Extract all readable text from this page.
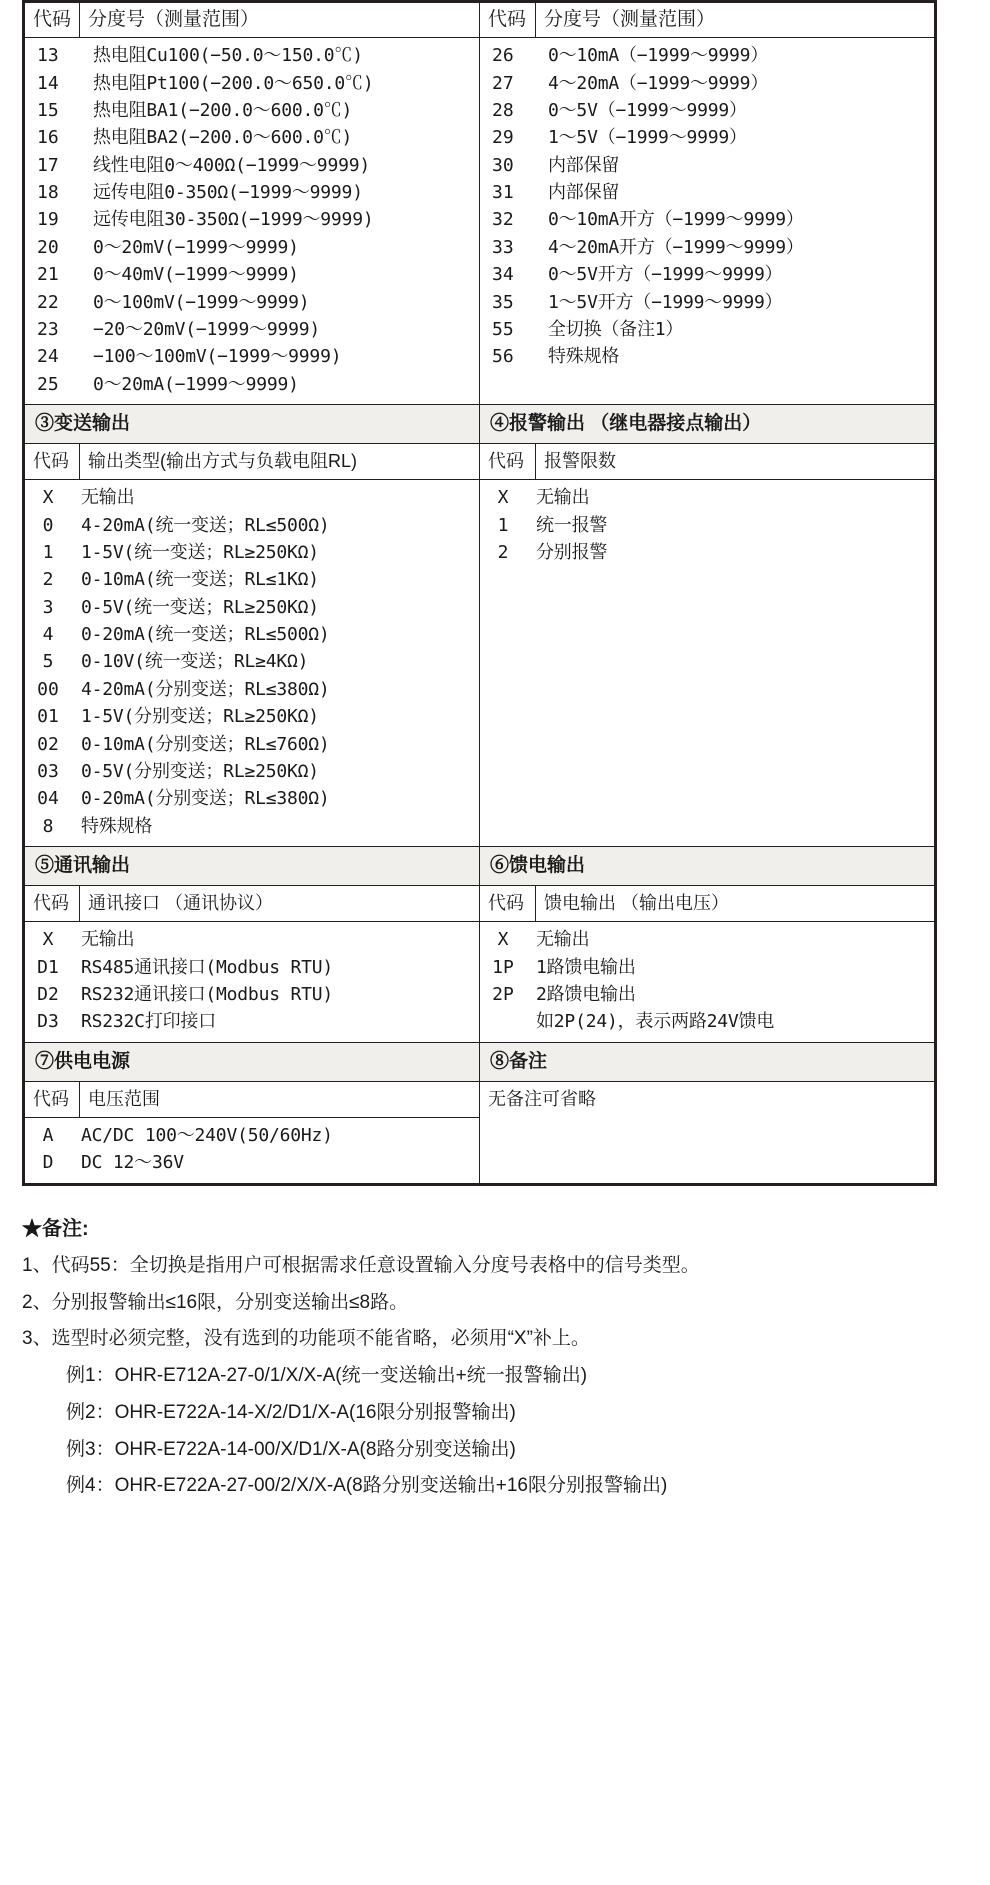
代码	分度号（测量范围）	代码	分度号（测量范围）

13	热电阻Cu100(−50.0～150.0℃)
14	热电阻Pt100(−200.0～650.0℃)
15	热电阻BA1(−200.0～600.0℃)
16	热电阻BA2(−200.0～600.0℃)
17	线性电阻0～400Ω(−1999～9999)
18	远传电阻0-350Ω(−1999～9999)
19	远传电阻30-350Ω(−1999～9999)
20	0～20mV(−1999～9999)
21	0～40mV(−1999～9999)
22	0～100mV(−1999～9999)
23	−20～20mV(−1999～9999)
24	−100～100mV(−1999～9999)
25	0～20mA(−1999～9999)

26	0～10mA（−1999～9999）
27	4～20mA（−1999～9999）
28	0～5V（−1999～9999）
29	1～5V（−1999～9999）
30	内部保留
31	内部保留
32	0～10mA开方（−1999～9999）
33	4～20mA开方（−1999～9999）
34	0～5V开方（−1999～9999）
35	1～5V开方（−1999～9999）
55	全切换（备注1）
56	特殊规格

③变送输出		④报警输出 （继电器接点输出）	

代码	输出类型(输出方式与负载电阻RL)	代码	报警限数

X	无输出
0	4-20mA(统一变送；RL≤500Ω)
1	1-5V(统一变送；RL≥250KΩ)
2	0-10mA(统一变送；RL≤1KΩ)
3	0-5V(统一变送；RL≥250KΩ)
4	0-20mA(统一变送；RL≤500Ω)
5	0-10V(统一变送；RL≥4KΩ)
00	4-20mA(分别变送；RL≤380Ω)
01	1-5V(分别变送；RL≥250KΩ)
02	0-10mA(分别变送；RL≤760Ω)
03	0-5V(分别变送；RL≥250KΩ)
04	0-20mA(分别变送；RL≤380Ω)
8	特殊规格

X	无输出
1	统一报警
2	分别报警

⑤通讯输出		⑥馈电输出	

代码	通讯接口 （通讯协议）	代码	馈电输出 （输出电压）

X	无输出
D1	RS485通讯接口(Modbus RTU)
D2	RS232通讯接口(Modbus RTU)
D3	RS232C打印接口

X	无输出
1P	1路馈电输出
2P	2路馈电输出
如2P(24)，表示两路24V馈电

⑦供电电源		⑧备注	

代码	电压范围	无备注可省略	

A	AC/DC 100～240V(50/60Hz)
D	DC 12～36V
★备注:
1、代码55：全切换是指用户可根据需求任意设置输入分度号表格中的信号类型。
2、分别报警输出≤16限，分别变送输出≤8路。
3、选型时必须完整，没有选到的功能项不能省略，必须用“X”补上。
例1：OHR-E712A-27-0/1/X/X-A(统一变送输出+统一报警输出)
例2：OHR-E722A-14-X/2/D1/X-A(16限分别报警输出)
例3：OHR-E722A-14-00/X/D1/X-A(8路分别变送输出)
例4：OHR-E722A-27-00/2/X/X-A(8路分别变送输出+16限分别报警输出)
